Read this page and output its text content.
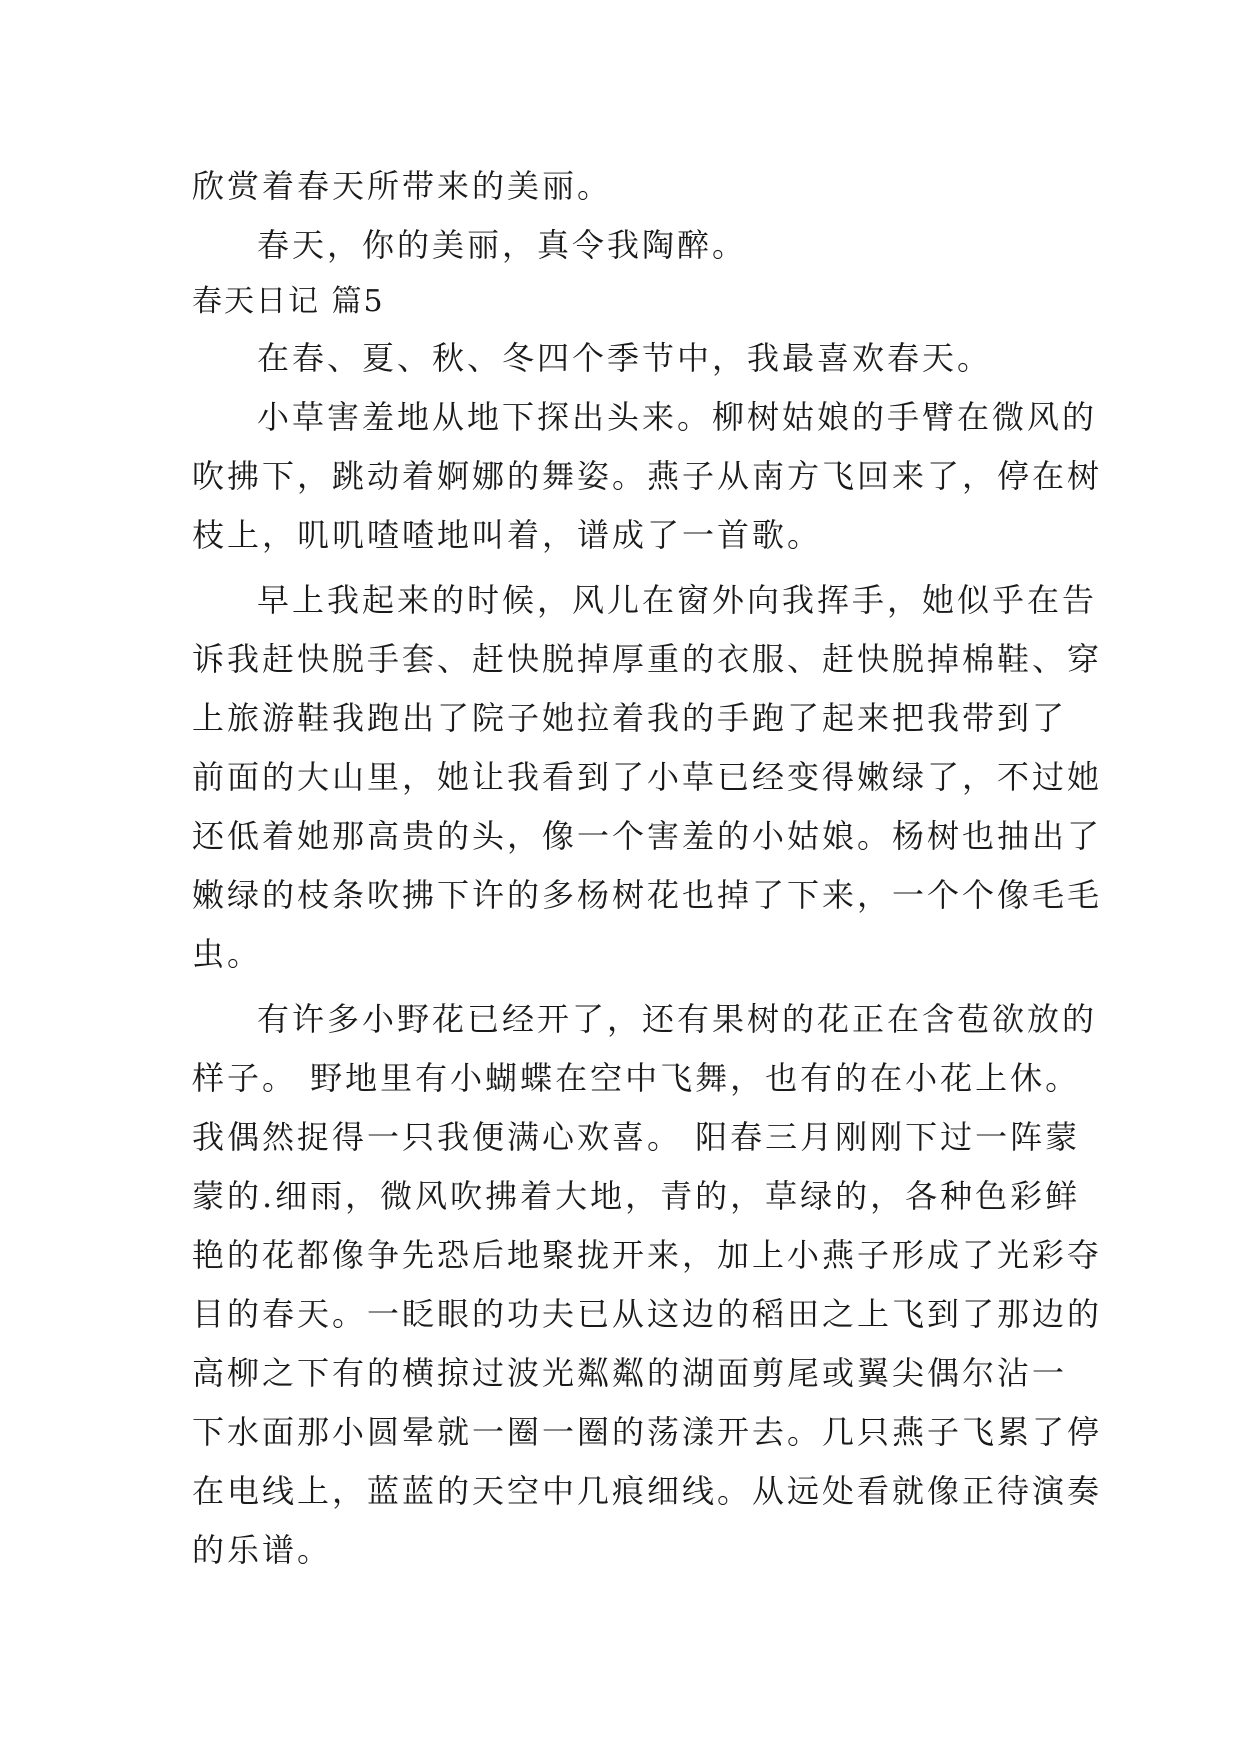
欣赏着春天所带来的美丽。
春天，你的美丽，真令我陶醉。
春天日记 篇5
在春、夏、秋、冬四个季节中，我最喜欢春天。
小草害羞地从地下探出头来。柳树姑娘的手臂在微风的
吹拂下，跳动着婀娜的舞姿。燕子从南方飞回来了，停在树
枝上，叽叽喳喳地叫着，谱成了一首歌。
早上我起来的时候，风儿在窗外向我挥手，她似乎在告
诉我赶快脱手套、赶快脱掉厚重的衣服、赶快脱掉棉鞋、穿
上旅游鞋我跑出了院子她拉着我的手跑了起来把我带到了
前面的大山里，她让我看到了小草已经变得嫩绿了，不过她
还低着她那高贵的头，像一个害羞的小姑娘。杨树也抽出了
嫩绿的枝条吹拂下许的多杨树花也掉了下来，一个个像毛毛
虫。
有许多小野花已经开了，还有果树的花正在含苞欲放的
样子。 野地里有小蝴蝶在空中飞舞，也有的在小花上休。
我偶然捉得一只我便满心欢喜。 阳春三月刚刚下过一阵蒙
蒙的.细雨，微风吹拂着大地，青的，草绿的，各种色彩鲜
艳的花都像争先恐后地聚拢开来，加上小燕子形成了光彩夺
目的春天。一眨眼的功夫已从这边的稻田之上飞到了那边的
高柳之下有的横掠过波光粼粼的湖面剪尾或翼尖偶尔沾一
下水面那小圆晕就一圈一圈的荡漾开去。几只燕子飞累了停
在电线上，蓝蓝的天空中几痕细线。从远处看就像正待演奏
的乐谱。
